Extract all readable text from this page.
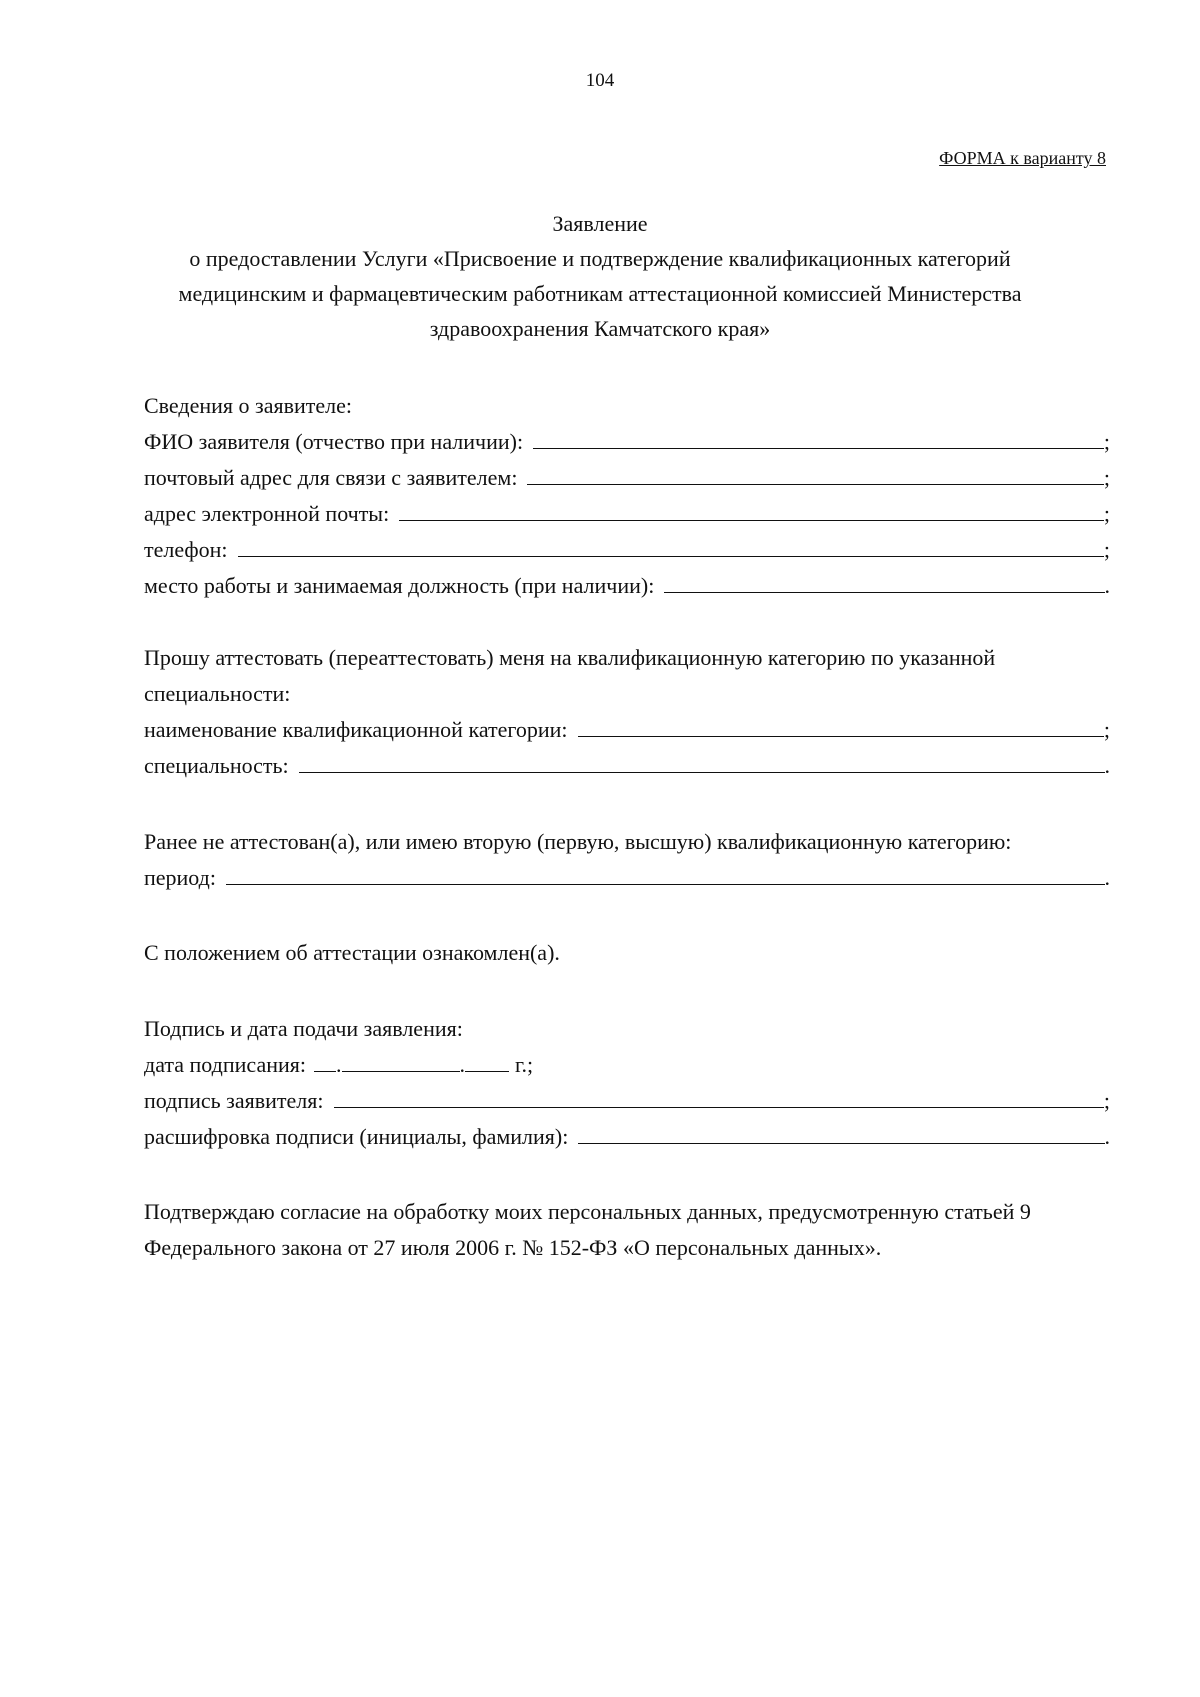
104
ФОРМА к варианту 8
Заявление
о предоставлении Услуги «Присвоение и подтверждение квалификационных категорий
медицинским и фармацевтическим работникам аттестационной комиссией Министерства
здравоохранения Камчатского края»
Сведения о заявителе:
ФИО заявителя (отчество при наличии):	;
почтовый адрес для связи с заявителем:	;
адрес электронной почты:	;
телефон:	;
место работы и занимаемая должность (при наличии):	.
Прошу аттестовать (переаттестовать) меня на квалификационную категорию по указанной специальности:
наименование квалификационной категории:	;
специальность:	.
Ранее не аттестован(а), или имею вторую (первую, высшую) квалификационную категорию:
период:	.
С положением об аттестации ознакомлен(а).
Подпись и дата подачи заявления:
дата подписания: .	. г.;
подпись заявителя:	;
расшифровка подписи (инициалы, фамилия):	.
Подтверждаю согласие на обработку моих персональных данных, предусмотренную статьей 9 Федерального закона от 27 июля 2006 г. № 152-ФЗ «О персональных данных».
